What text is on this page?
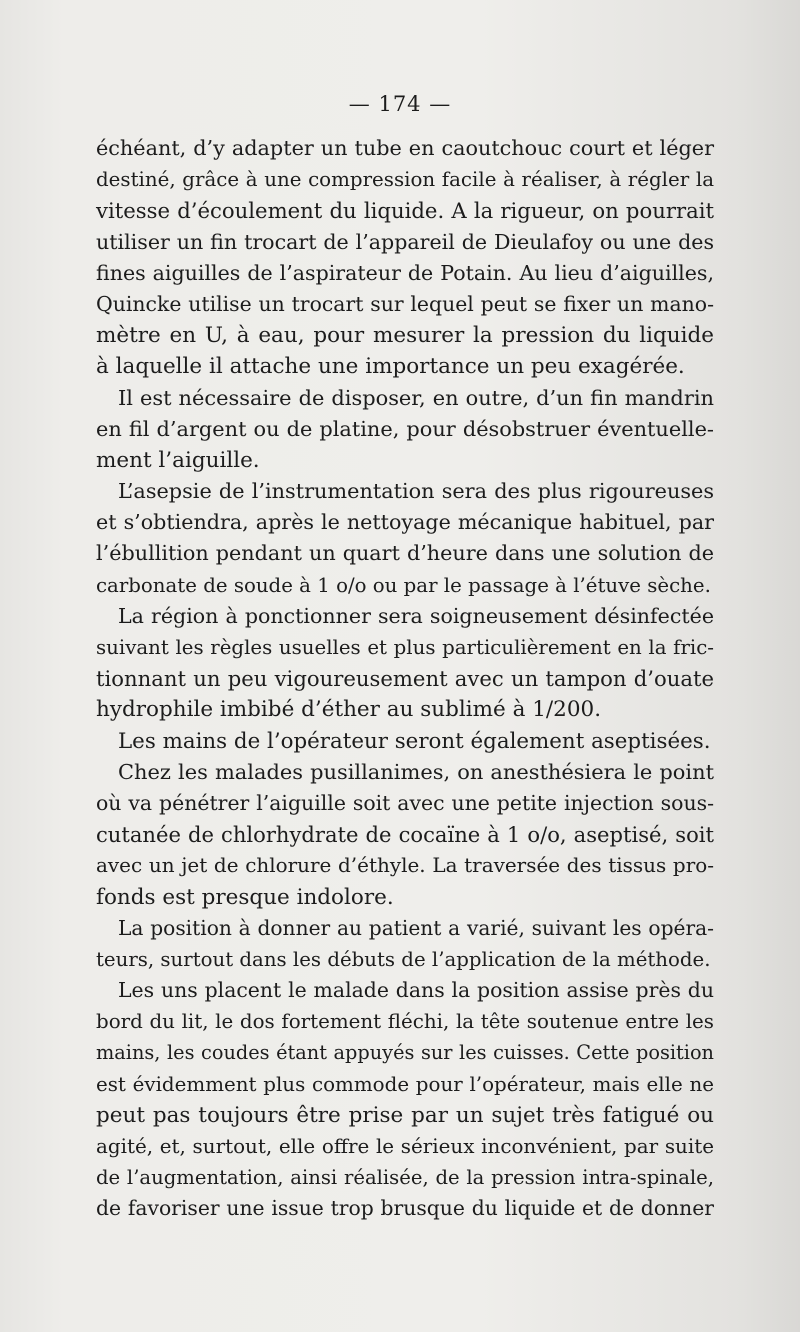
— 174 —
échéant, d’y adapter un tube en caoutchouc court et léger
destiné, grâce à une compression facile à réaliser, à régler la
vitesse d’écoulement du liquide. A la rigueur, on pourrait
utiliser un fin trocart de l’appareil de Dieulafoy ou une des
fines aiguilles de l’aspirateur de Potain. Au lieu d’aiguilles,
Quincke utilise un trocart sur lequel peut se fixer un mano-
mètre en U, à eau, pour mesurer la pression du liquide
à laquelle il attache une importance un peu exagérée.
Il est nécessaire de disposer, en outre, d’un fin mandrin
en fil d’argent ou de platine, pour désobstruer éventuelle-
ment l’aiguille.
L’asepsie de l’instrumentation sera des plus rigoureuses
et s’obtiendra, après le nettoyage mécanique habituel, par
l’ébullition pendant un quart d’heure dans une solution de
carbonate de soude à 1 o/o ou par le passage à l’étuve sèche.
La région à ponctionner sera soigneusement désinfectée
suivant les règles usuelles et plus particulièrement en la fric-
tionnant un peu vigoureusement avec un tampon d’ouate
hydrophile imbibé d’éther au sublimé à 1/200.
Les mains de l’opérateur seront également aseptisées.
Chez les malades pusillanimes, on anesthésiera le point
où va pénétrer l’aiguille soit avec une petite injection sous-
cutanée de chlorhydrate de cocaïne à 1 o/o, aseptisé, soit
avec un jet de chlorure d’éthyle. La traversée des tissus pro-
fonds est presque indolore.
La position à donner au patient a varié, suivant les opéra-
teurs, surtout dans les débuts de l’application de la méthode.
Les uns placent le malade dans la position assise près du
bord du lit, le dos fortement fléchi, la tête soutenue entre les
mains, les coudes étant appuyés sur les cuisses. Cette position
est évidemment plus commode pour l’opérateur, mais elle ne
peut pas toujours être prise par un sujet très fatigué ou
agité, et, surtout, elle offre le sérieux inconvénient, par suite
de l’augmentation, ainsi réalisée, de la pression intra-spinale,
de favoriser une issue trop brusque du liquide et de donner
